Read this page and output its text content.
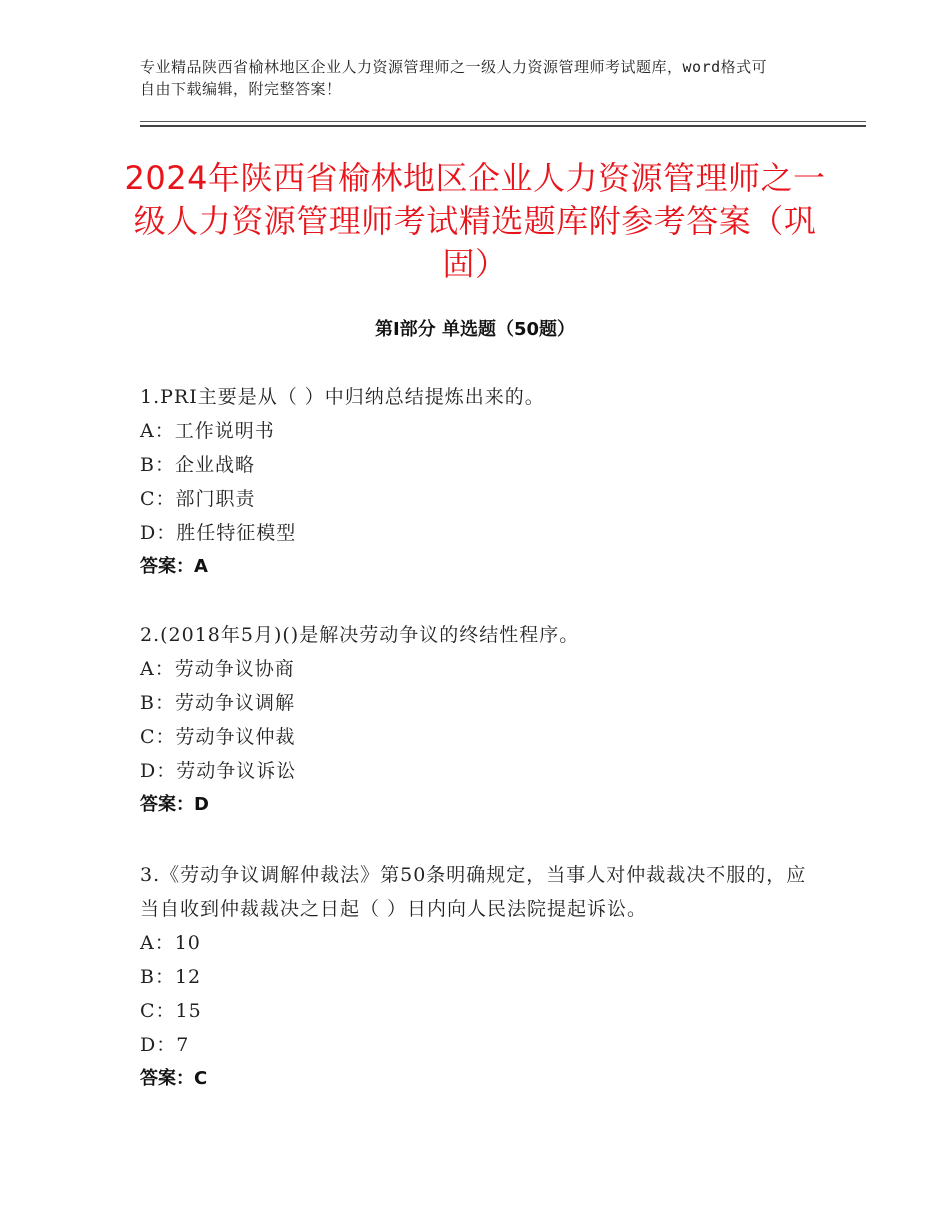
专业精品陕西省榆林地区企业人力资源管理师之一级人力资源管理师考试题库，word格式可自由下载编辑，附完整答案！
2024年陕西省榆林地区企业人力资源管理师之一级人力资源管理师考试精选题库附参考答案（巩固）
第Ⅰ部分 单选题（50题）
1.PRI主要是从（ ）中归纳总结提炼出来的。
A：工作说明书
B：企业战略
C：部门职责
D：胜任特征模型
答案：A
2.(2018年5月)()是解决劳动争议的终结性程序。
A：劳动争议协商
B：劳动争议调解
C：劳动争议仲裁
D：劳动争议诉讼
答案：D
3.《劳动争议调解仲裁法》第50条明确规定，当事人对仲裁裁决不服的，应当自收到仲裁裁决之日起（ ）日内向人民法院提起诉讼。
A：10
B：12
C：15
D：7
答案：C
